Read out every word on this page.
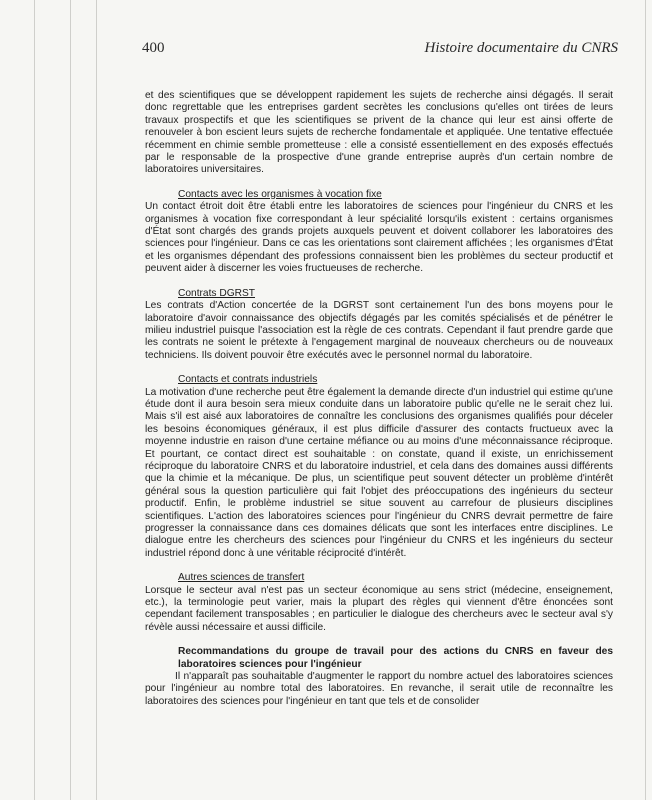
400	Histoire documentaire du CNRS

et des scientifiques que se développent rapidement les sujets de recherche ainsi dégagés. Il serait donc regrettable que les entreprises gardent secrètes les conclusions qu'elles ont tirées de leurs travaux prospectifs et que les scientifiques se privent de la chance qui leur est ainsi offerte de renouveler à bon escient leurs sujets de recherche fondamentale et appliquée. Une tentative effectuée récemment en chimie semble prometteuse : elle a consisté essentiellement en des exposés effectués par le responsable de la prospective d'une grande entreprise auprès d'un certain nombre de laboratoires universitaires.

Contacts avec les organismes à vocation fixe

Un contact étroit doit être établi entre les laboratoires de sciences pour l'ingénieur du CNRS et les organismes à vocation fixe correspondant à leur spécialité lorsqu'ils existent : certains organismes d'État sont chargés des grands projets auxquels peuvent et doivent collaborer les laboratoires des sciences pour l'ingénieur. Dans ce cas les orientations sont clairement affichées ; les organismes d'État et les organismes dépendant des professions connaissent bien les problèmes du secteur productif et peuvent aider à discerner les voies fructueuses de recherche.

Contrats DGRST

Les contrats d'Action concertée de la DGRST sont certainement l'un des bons moyens pour le laboratoire d'avoir connaissance des objectifs dégagés par les comités spécialisés et de pénétrer le milieu industriel puisque l'association est la règle de ces contrats. Cependant il faut prendre garde que les contrats ne soient le prétexte à l'engagement marginal de nouveaux chercheurs ou de nouveaux techniciens. Ils doivent pouvoir être exécutés avec le personnel normal du laboratoire.

Contacts et contrats industriels

La motivation d'une recherche peut être également la demande directe d'un industriel qui estime qu'une étude dont il aura besoin sera mieux conduite dans un laboratoire public qu'elle ne le serait chez lui. Mais s'il est aisé aux laboratoires de connaître les conclusions des organismes qualifiés pour déceler les besoins économiques généraux, il est plus difficile d'assurer des contacts fructueux avec la moyenne industrie en raison d'une certaine méfiance ou au moins d'une méconnaissance réciproque. Et pourtant, ce contact direct est souhaitable : on constate, quand il existe, un enrichissement réciproque du laboratoire CNRS et du laboratoire industriel, et cela dans des domaines aussi différents que la chimie et la mécanique. De plus, un scientifique peut souvent détecter un problème d'intérêt général sous la question particulière qui fait l'objet des préoccupations des ingénieurs du secteur productif. Enfin, le problème industriel se situe souvent au carrefour de plusieurs disciplines scientifiques. L'action des laboratoires sciences pour l'ingénieur du CNRS devrait permettre de faire progresser la connaissance dans ces domaines délicats que sont les interfaces entre disciplines. Le dialogue entre les chercheurs des sciences pour l'ingénieur du CNRS et les ingénieurs du secteur industriel répond donc à une véritable réciprocité d'intérêt.

Autres sciences de transfert

Lorsque le secteur aval n'est pas un secteur économique au sens strict (médecine, enseignement, etc.), la terminologie peut varier, mais la plupart des règles qui viennent d'être énoncées sont cependant facilement transposables ; en particulier le dialogue des chercheurs avec le secteur aval s'y révèle aussi nécessaire et aussi difficile.

Recommandations du groupe de travail pour des actions du CNRS en faveur des laboratoires sciences pour l'ingénieur

Il n'apparaît pas souhaitable d'augmenter le rapport du nombre actuel des laboratoires sciences pour l'ingénieur au nombre total des laboratoires. En revanche, il serait utile de reconnaître les laboratoires des sciences pour l'ingénieur en tant que tels et de consolider
